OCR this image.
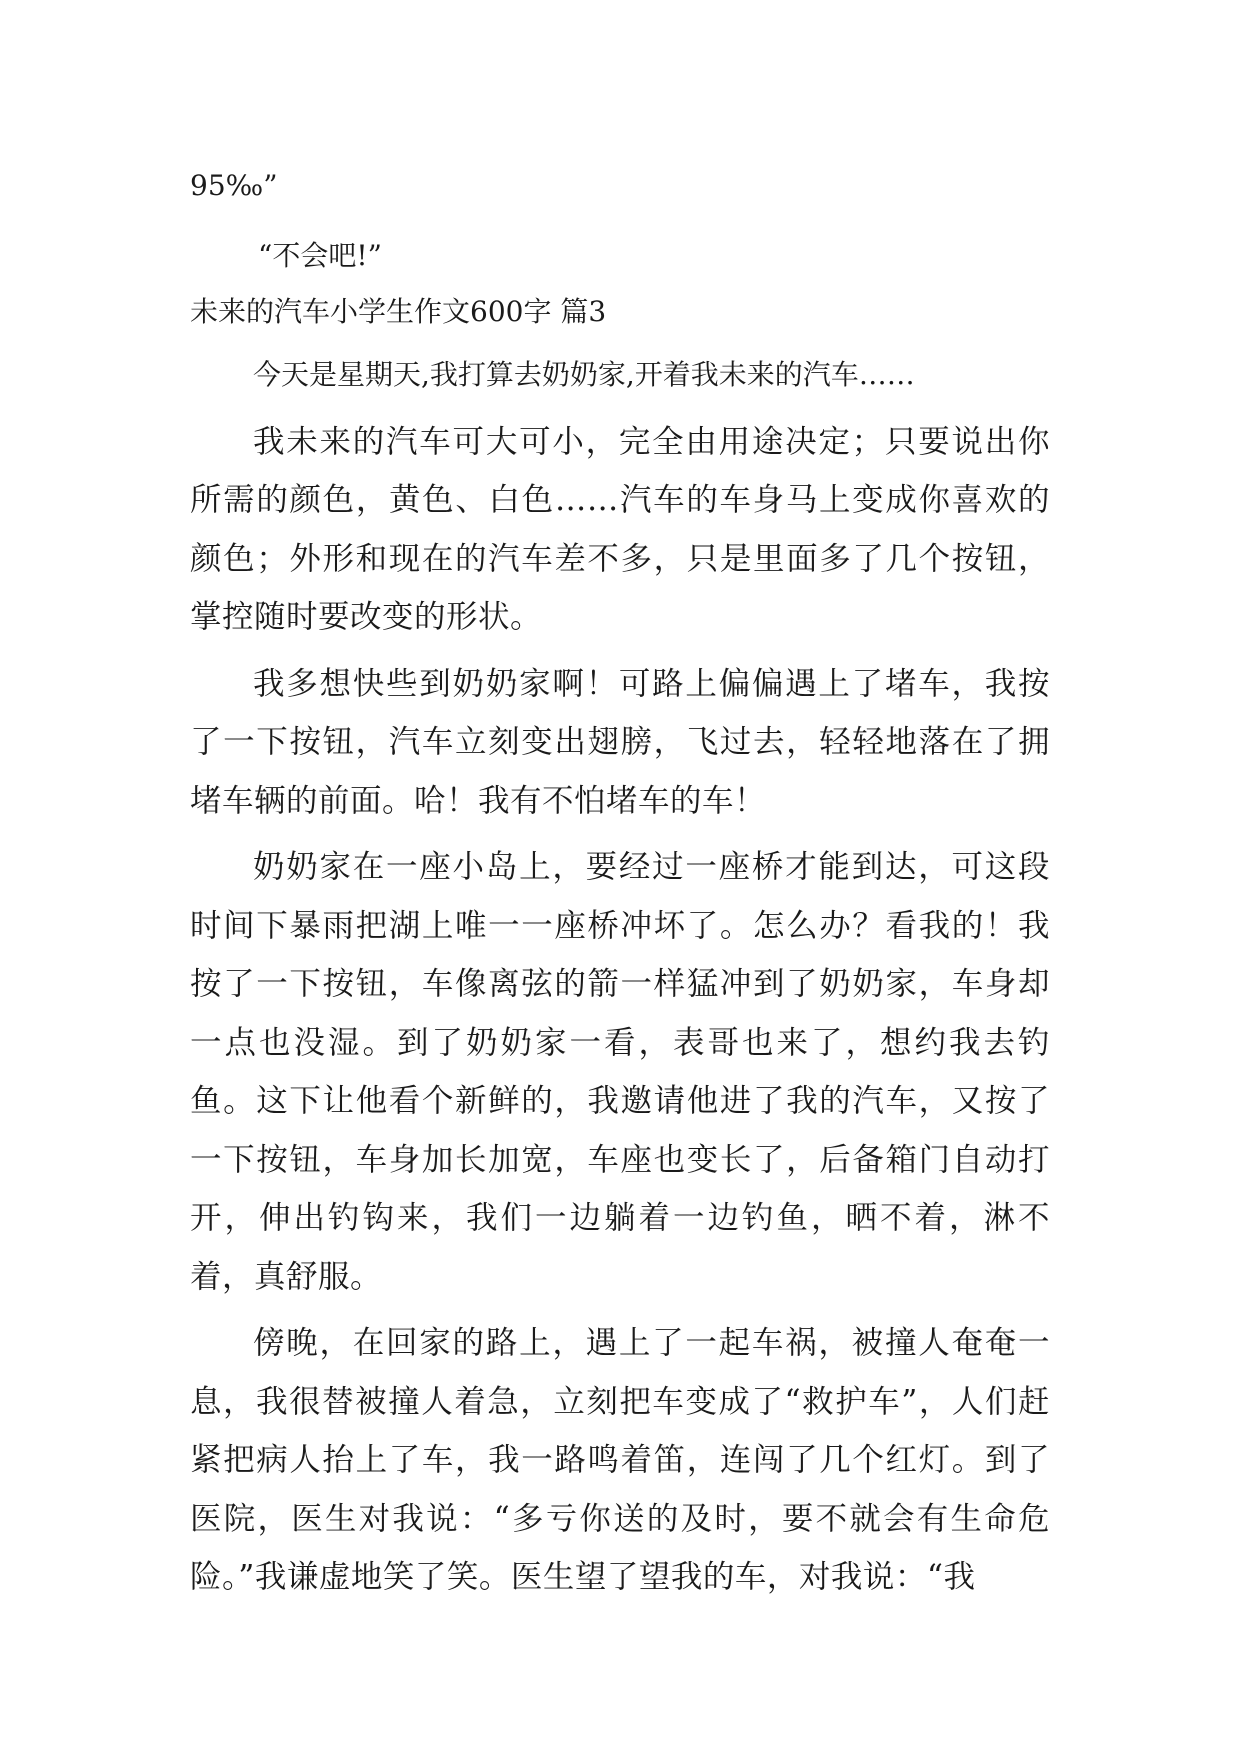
95‰”

“不会吧!”

未来的汽车小学生作文600字 篇3

今天是星期天,我打算去奶奶家,开着我未来的汽车……

我未来的汽车可大可小，完全由用途决定；只要说出你所需的颜色，黄色、白色……汽车的车身马上变成你喜欢的颜色；外形和现在的汽车差不多，只是里面多了几个按钮，掌控随时要改变的形状。

我多想快些到奶奶家啊！可路上偏偏遇上了堵车，我按了一下按钮，汽车立刻变出翅膀，飞过去，轻轻地落在了拥堵车辆的前面。哈！我有不怕堵车的车！

奶奶家在一座小岛上，要经过一座桥才能到达，可这段时间下暴雨把湖上唯一一座桥冲坏了。怎么办？看我的！我按了一下按钮，车像离弦的箭一样猛冲到了奶奶家，车身却一点也没湿。到了奶奶家一看，表哥也来了，想约我去钓鱼。这下让他看个新鲜的，我邀请他进了我的汽车，又按了一下按钮，车身加长加宽，车座也变长了，后备箱门自动打开，伸出钓钩来，我们一边躺着一边钓鱼，晒不着，淋不着，真舒服。

傍晚，在回家的路上，遇上了一起车祸，被撞人奄奄一息，我很替被撞人着急，立刻把车变成了“救护车”，人们赶紧把病人抬上了车，我一路鸣着笛，连闯了几个红灯。到了医院，医生对我说：“多亏你送的及时，要不就会有生命危险。”我谦虚地笑了笑。医生望了望我的车，对我说：“我
